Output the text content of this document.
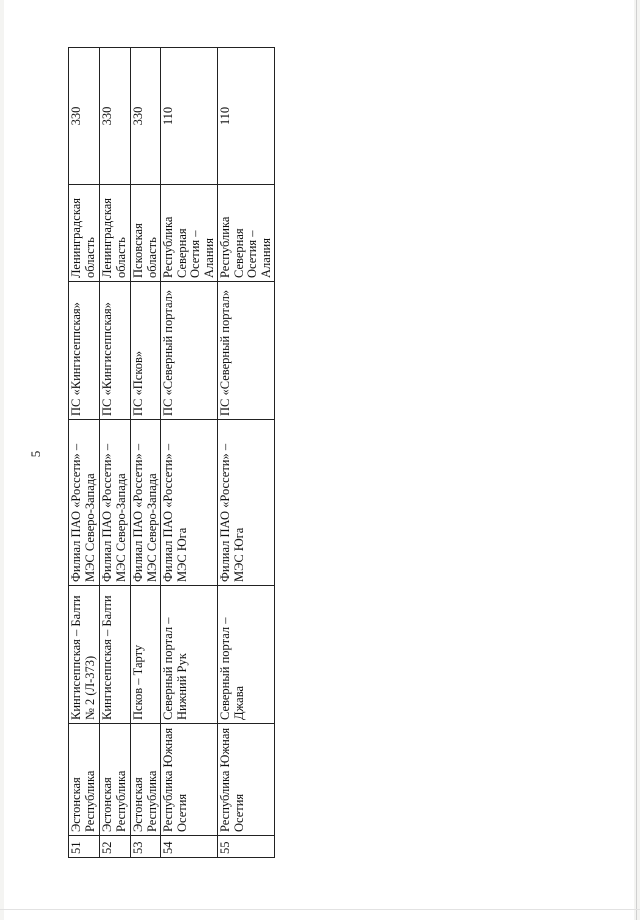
5
51	Эстонская Республика	Кингисеппская – Балти № 2 (Л-373)	Филиал ПАО «Россети» – МЭС Северо-Запада	ПС «Кингисеппская»	Ленинградская область	330
52	Эстонская Республика	Кингисеппская – Балти	Филиал ПАО «Россети» – МЭС Северо-Запада	ПС «Кингисеппская»	Ленинградская область	330
53	Эстонская Республика	Псков – Тарту	Филиал ПАО «Россети» – МЭС Северо-Запада	ПС «Псков»	Псковская область	330
54	Республика Южная Осетия	Северный портал – Нижний Рук	Филиал ПАО «Россети» – МЭС Юга	ПС «Северный портал»	Республика Северная Осетия – Алания	110
55	Республика Южная Осетия	Северный портал – Джава	Филиал ПАО «Россети» – МЭС Юга	ПС «Северный портал»	Республика Северная Осетия – Алания	110
